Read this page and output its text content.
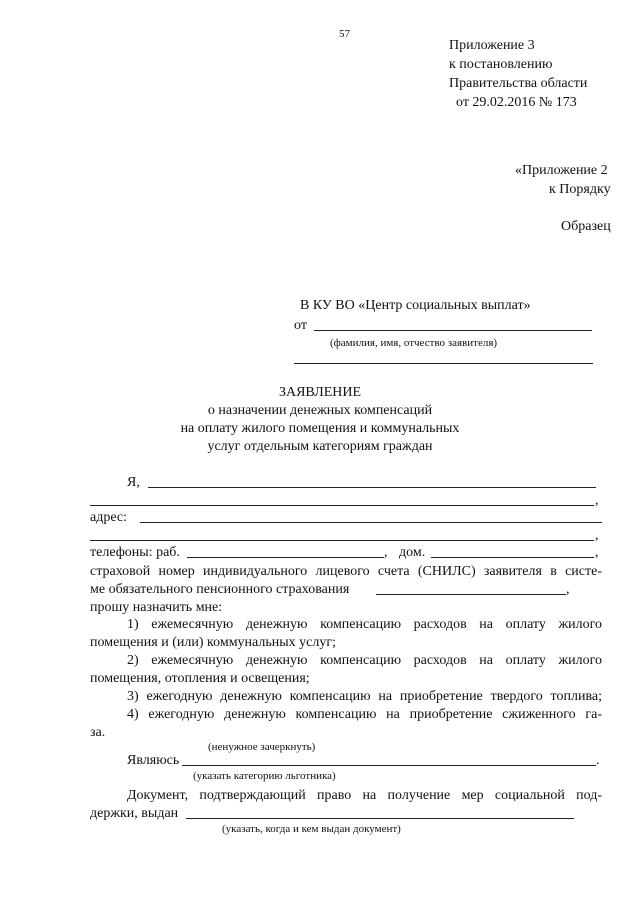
57
Приложение 3
к постановлению
Правительства области
от 29.02.2016 № 173
«Приложение 2
к Порядку
Образец
В КУ ВО «Центр социальных выплат»
от
(фамилия, имя, отчество заявителя)
ЗАЯВЛЕНИЕ
о назначении денежных компенсаций
на оплату жилого помещения и коммунальных
услуг отдельным категориям граждан
Я,
,
адрес:
,
телефоны: раб.	, дом.	,
страховой номер индивидуального лицевого счета (СНИЛС) заявителя в систе-
ме обязательного пенсионного страхования	,
прошу назначить мне:
1) ежемесячную денежную компенсацию расходов на оплату жилого
помещения и (или) коммунальных услуг;
2) ежемесячную денежную компенсацию расходов на оплату жилого
помещения, отопления и освещения;
3) ежегодную денежную компенсацию на приобретение твердого топлива;
4) ежегодную денежную компенсацию на приобретение сжиженного га-
за.
(ненужное зачеркнуть)
Являюсь	.
(указать категорию льготника)
Документ, подтверждающий право на получение мер социальной под-
держки, выдан
(указать, когда и кем выдан документ)
